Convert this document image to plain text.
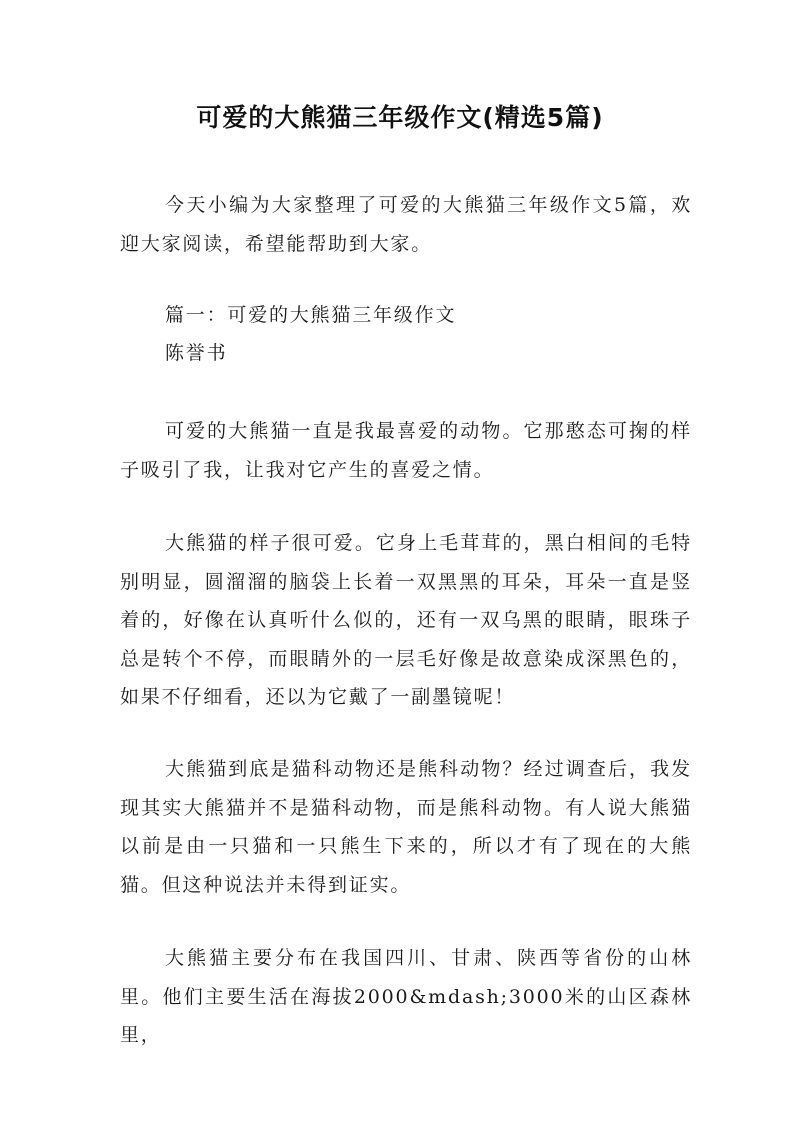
可爱的大熊猫三年级作文(精选5篇)

今天小编为大家整理了可爱的大熊猫三年级作文5篇，欢迎大家阅读，希望能帮助到大家。

篇一：可爱的大熊猫三年级作文
陈誉书

可爱的大熊猫一直是我最喜爱的动物。它那憨态可掬的样子吸引了我，让我对它产生的喜爱之情。

大熊猫的样子很可爱。它身上毛茸茸的，黑白相间的毛特别明显，圆溜溜的脑袋上长着一双黑黑的耳朵，耳朵一直是竖着的，好像在认真听什么似的，还有一双乌黑的眼睛，眼珠子总是转个不停，而眼睛外的一层毛好像是故意染成深黑色的，如果不仔细看，还以为它戴了一副墨镜呢！

大熊猫到底是猫科动物还是熊科动物？经过调查后，我发现其实大熊猫并不是猫科动物，而是熊科动物。有人说大熊猫以前是由一只猫和一只熊生下来的，所以才有了现在的大熊猫。但这种说法并未得到证实。

大熊猫主要分布在我国四川、甘肃、陕西等省份的山林里。他们主要生活在海拔2000&mdash;3000米的山区森林里，
